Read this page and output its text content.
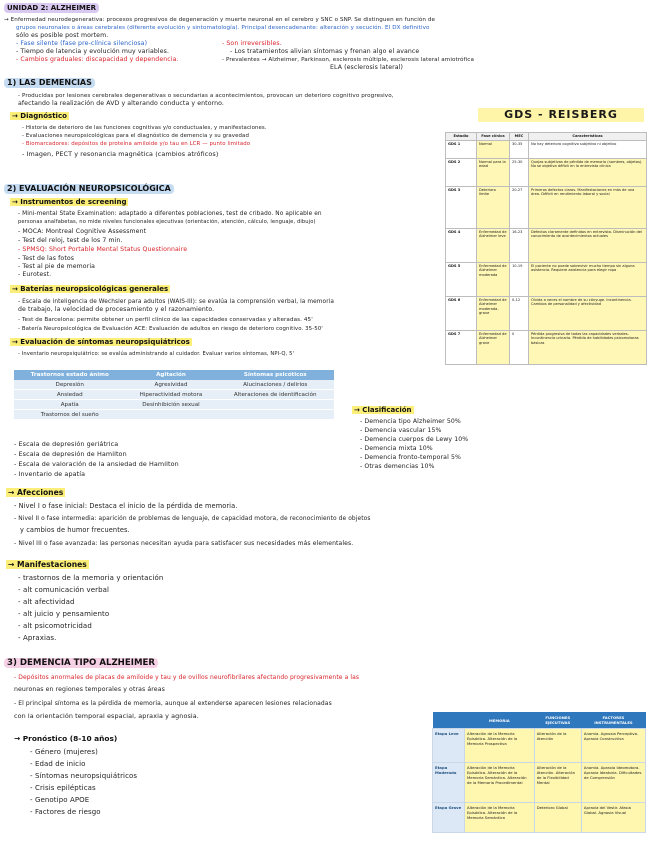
UNIDAD 2: ALZHEIMER
→ Enfermedad neurodegenerativa: procesos progresivos de degeneración y muerte neuronal en el cerebro y SNC o SNP. Se distinguen en función de
grupos neuronales o áreas cerebrales (diferente evolución y sintomatología). Principal desencadenante: alteración y secución. El DX definitivo
sólo es posible post mortem.
- Fase silente (fase pre-clínica silenciosa)	- Son irreversibles.
- Tiempo de latencia y evolución muy variables.	- Los tratamientos alivian síntomas y frenan algo el avance
- Cambios graduales: discapacidad y dependencia.	- Prevalentes → Alzheimer, Parkinson, esclerosis múltiple, esclerosis lateral amiotrófica
ELA (esclerosis lateral)
1) LAS DEMENCIAS
- Producidas por lesiones cerebrales degenerativas o secundarias a acontecimientos, provocan un deterioro cognitivo progresivo,
afectando la realización de AVD y alterando conducta y entorno.
→ Diagnóstico
- Historia de deterioro de las funciones cognitivas y/o conductuales, y manifestaciones.
- Evaluaciones neuropsicológicas para el diagnóstico de demencia y su gravedad
- Biomarcadores: depósitos de proteína amiloide y/o tau en LCR — punto limitado
- Imagen, PECT y resonancia magnética (cambios atróficos)
GDS - REISBERG
Estadio	Fase clínica	MEC	Características
GDS 1	Normal	30-35	No hay deterioro cognitivo subjetivo ni objetivo
GDS 2	Normal para la edad	25-30	Quejas subjetivas de pérdida de memoria (nombres, objetos). No se objetiva déficit en la entrevista clínica
GDS 3	Deterioro límite	20-27	Primeros defectos claros. Manifestaciones en más de una área. Déficit en rendimiento laboral y social
GDS 4	Enfermedad de Alzheimer leve	16-23	Defectos claramente definidos en entrevista. Disminución del conocimiento de acontecimientos actuales
GDS 5	Enfermedad de Alzheimer moderada	10-19	El paciente no puede sobrevivir mucho tiempo sin alguna asistencia. Requiere asistencia para elegir ropa
GDS 6	Enfermedad de Alzheimer moderada-grave	0-12	Olvida a veces el nombre de su cónyuge. Incontinencia. Cambios de personalidad y afectividad
GDS 7	Enfermedad de Alzheimer grave	0	Pérdida progresiva de todas las capacidades verbales. Incontinencia urinaria. Pérdida de habilidades psicomotoras básicas
2) EVALUACIÓN NEUROPSICOLÓGICA
→ Instrumentos de screening
- Mini-mental State Examination: adaptado a diferentes poblaciones, test de cribado. No aplicable en
personas analfabetas, no mide niveles funcionales ejecutivas (orientación, atención, cálculo, lenguaje, dibujo)
- MOCA: Montreal Cognitive Assessment
- Test del reloj, test de los 7 min.
- SPMSQ: Short Portable Mental Status Questionnaire
- Test de las fotos
- Test al pie de memoria
- Eurotest.
→ Baterías neuropsicológicas generales
- Escala de inteligencia de Wechsler para adultos (WAIS-III): se evalúa la comprensión verbal, la memoria
de trabajo, la velocidad de procesamiento y el razonamiento.
- Test de Barcelona: permite obtener un perfil clínico de las capacidades conservadas y alteradas. 45'
- Batería Neuropsicológica de Evaluación ACE: Evaluación de adultos en riesgo de deterioro cognitivo. 35-50'
→ Evaluación de síntomas neuropsiquiátricos
- Inventario neuropsiquiátrico: se evalúa administrando al cuidador. Evaluar varios síntomas, NPI-Q, 5'
Trastornos estado ánimo	Agitación	Síntomas psicóticos
Depresión	Agresividad	Alucinaciones / delirios
Ansiedad	Hiperactividad motora	Alteraciones de identificación
Apatía	Desinhibición sexual	
Trastornos del sueño		
- Escala de depresión geriátrica
- Escala de depresión de Hamilton
- Escala de valoración de la ansiedad de Hamilton
- Inventario de apatía
→ Clasificación
- Demencia tipo Alzheimer 50%
- Demencia vascular 15%
- Demencia cuerpos de Lewy 10%
- Demencia mixta 10%
- Demencia fronto-temporal 5%
- Otras demencias 10%
→ Afecciones
- Nivel I o fase inicial: Destaca el inicio de la pérdida de memoria.
- Nivel II o fase intermedia: aparición de problemas de lenguaje, de capacidad motora, de reconocimiento de objetos
y cambios de humor frecuentes.
- Nivel III o fase avanzada: las personas necesitan ayuda para satisfacer sus necesidades más elementales.
→ Manifestaciones
- trastornos de la memoria y orientación
- alt comunicación verbal
- alt afectividad
- alt juicio y pensamiento
- alt psicomotricidad
- Apraxias.
3) DEMENCIA TIPO ALZHEIMER
- Depósitos anormales de placas de amiloide y tau y de ovillos neurofibrilares afectando progresivamente a las
neuronas en regiones temporales y otras áreas
- El principal síntoma es la pérdida de memoria, aunque al extenderse aparecen lesiones relacionadas
con la orientación temporal espacial, apraxia y agnosia.
→ Pronóstico (8-10 años)
- Género (mujeres)
- Edad de inicio
- Síntomas neuropsiquiátricos
- Crisis epilépticas
- Genotipo APOE
- Factores de riesgo
	MEMORIA	FUNCIONES EJECUTIVAS	FACTORES INSTRUMENTALES
Etapa Leve	Alteración de la Memoria Episódica. Alteración de la Memoria Prospectiva	Alteración de la Atención	Anomia. Agnosia Perceptiva. Apraxia Constructiva
Etapa Moderada	Alteración de la Memoria Episódica. Alteración de la Memoria Semántica. Alteración de la Memoria Procedimental	Alteración de la Atención. Alteración de la Flexibilidad Mental	Anomia. Apraxia Ideomotora. Apraxia Ideatoria. Dificultades de Comprensión
Etapa Grave	Alteración de la Memoria Episódica. Alteración de la Memoria Semántica	Deterioro Global	Apraxia del Vestir. Afasia Global. Agnosia Visual
